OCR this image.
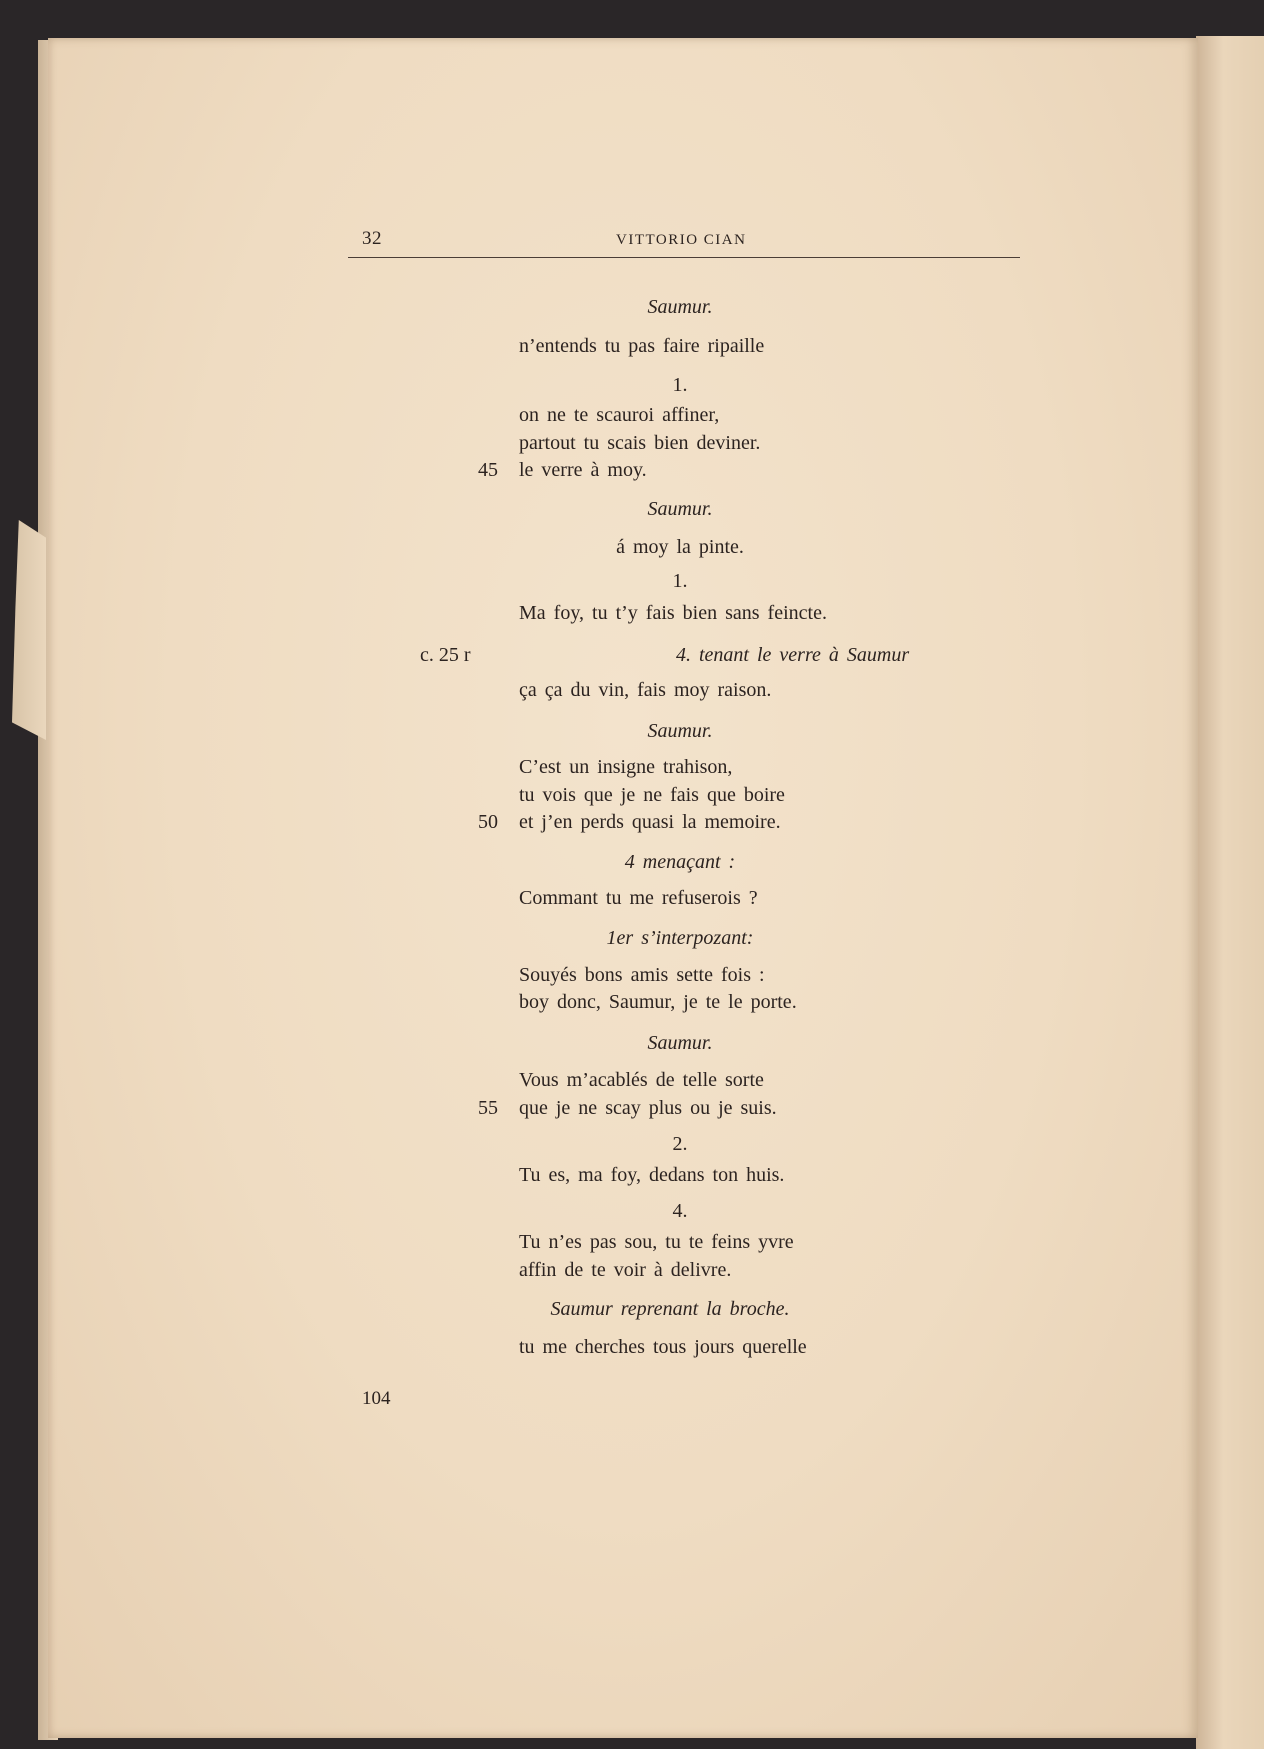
32	VITTORIO CIAN
Saumur.
n’entends tu pas faire ripaille
1.
on ne te scauroi affiner,
partout tu scais bien deviner.
45 le verre à moy.
Saumur.
á moy la pinte.
1.
Ma foy, tu t’y fais bien sans feincte.
c. 25 r	4. tenant le verre à Saumur
ça ça du vin, fais moy raison.
Saumur.
C’est un insigne trahison,
tu vois que je ne fais que boire
50 et j’en perds quasi la memoire.
4 menaçant :
Commant tu me refuserois ?
1er s’interpozant:
Souyés bons amis sette fois :
boy donc, Saumur, je te le porte.
Saumur.
Vous m’acablés de telle sorte
55 que je ne scay plus ou je suis.
2.
Tu es, ma foy, dedans ton huis.
4.
Tu n’es pas sou, tu te feins yvre
affin de te voir à delivre.
Saumur reprenant la broche.
tu me cherches tous jours querelle
104
